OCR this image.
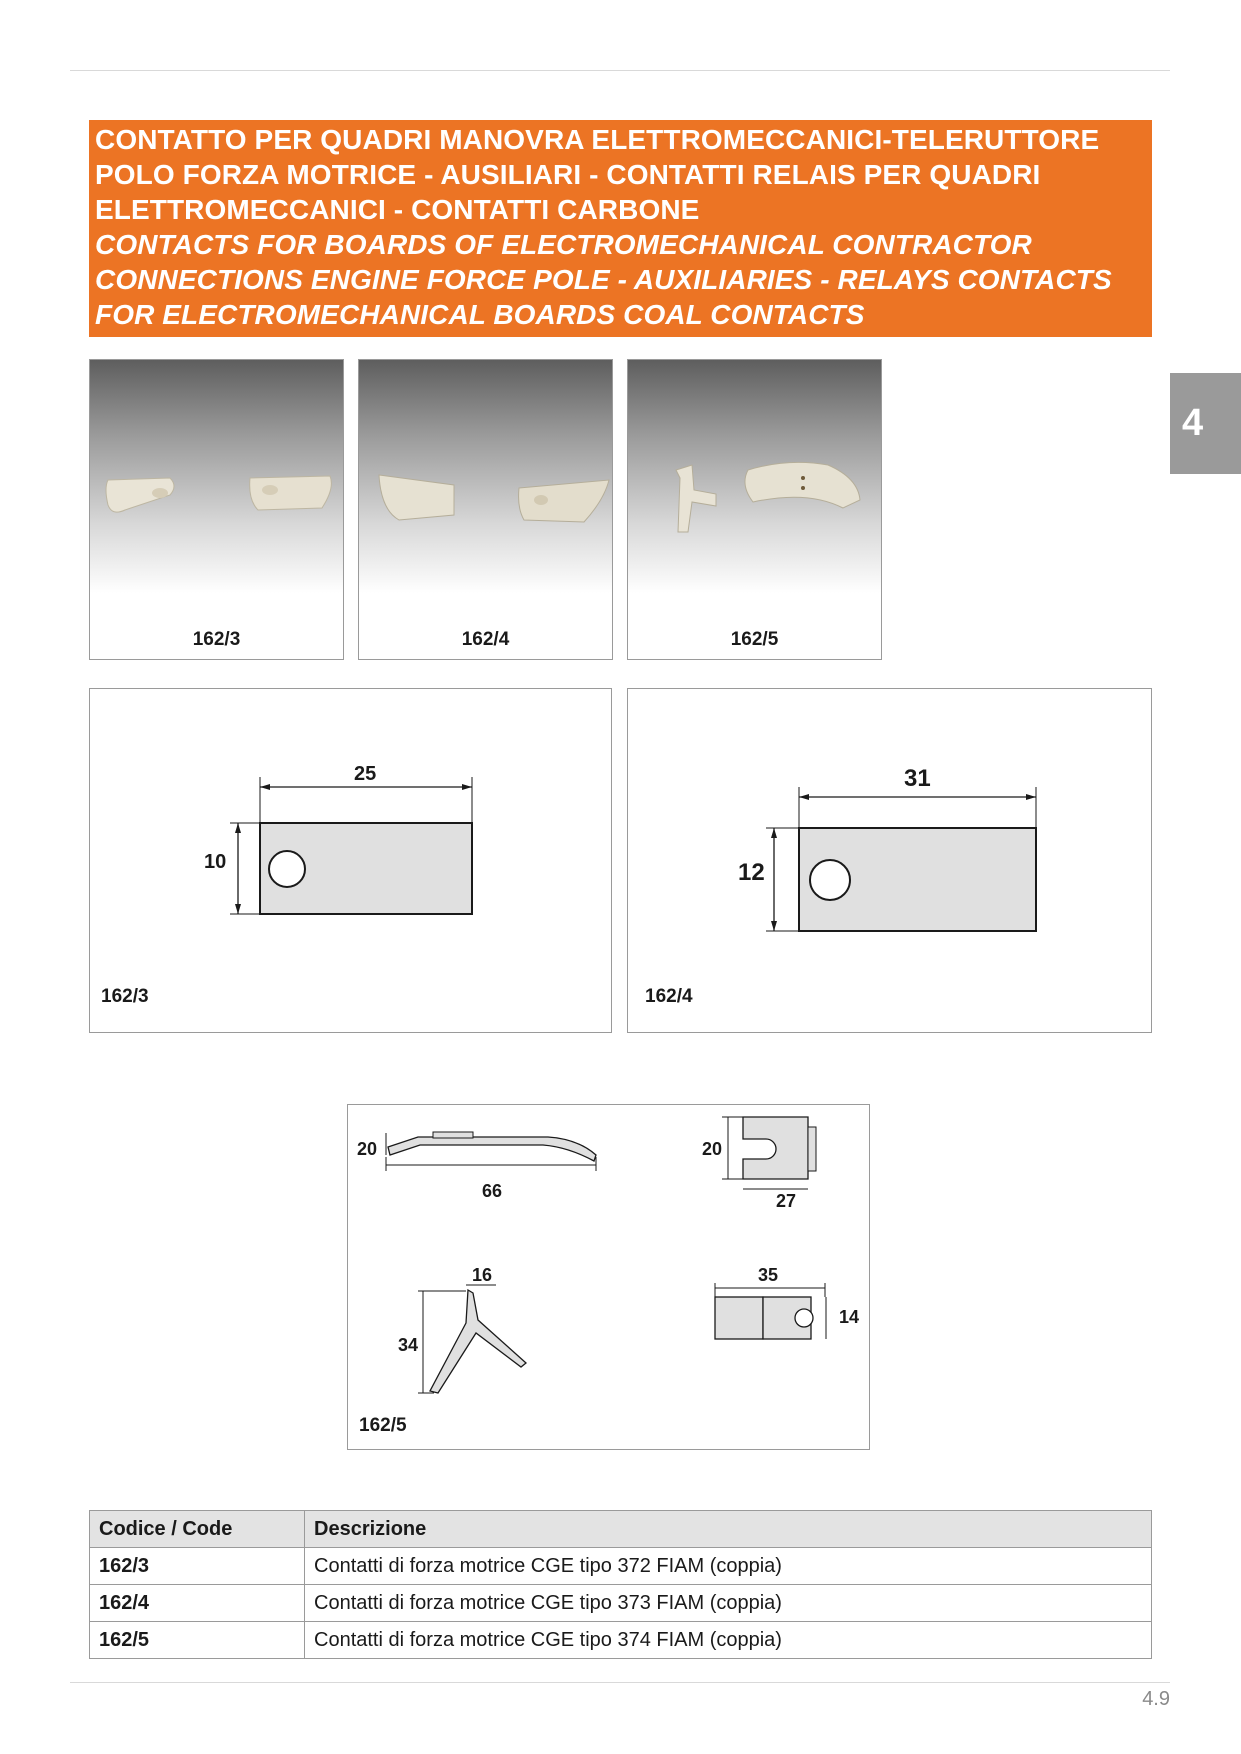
CONTATTO PER QUADRI MANOVRA ELETTROMECCANICI-TELERUTTORE
POLO FORZA MOTRICE - AUSILIARI - CONTATTI RELAIS PER QUADRI
ELETTROMECCANICI - CONTATTI CARBONE
CONTACTS FOR BOARDS OF ELECTROMECHANICAL CONTRACTOR
CONNECTIONS ENGINE FORCE POLE - AUXILIARIES - RELAYS CONTACTS
FOR ELECTROMECHANICAL BOARDS COAL CONTACTS
4
162/3	162/4	162/5
25
10
162/3
31
12
162/4
20
66
20
27
16
34
35
14
162/5
Codice / Code	Descrizione
162/3	Contatti di forza motrice CGE tipo 372 FIAM (coppia)
162/4	Contatti di forza motrice CGE tipo 373 FIAM (coppia)
162/5	Contatti di forza motrice CGE tipo 374 FIAM (coppia)
4.9
